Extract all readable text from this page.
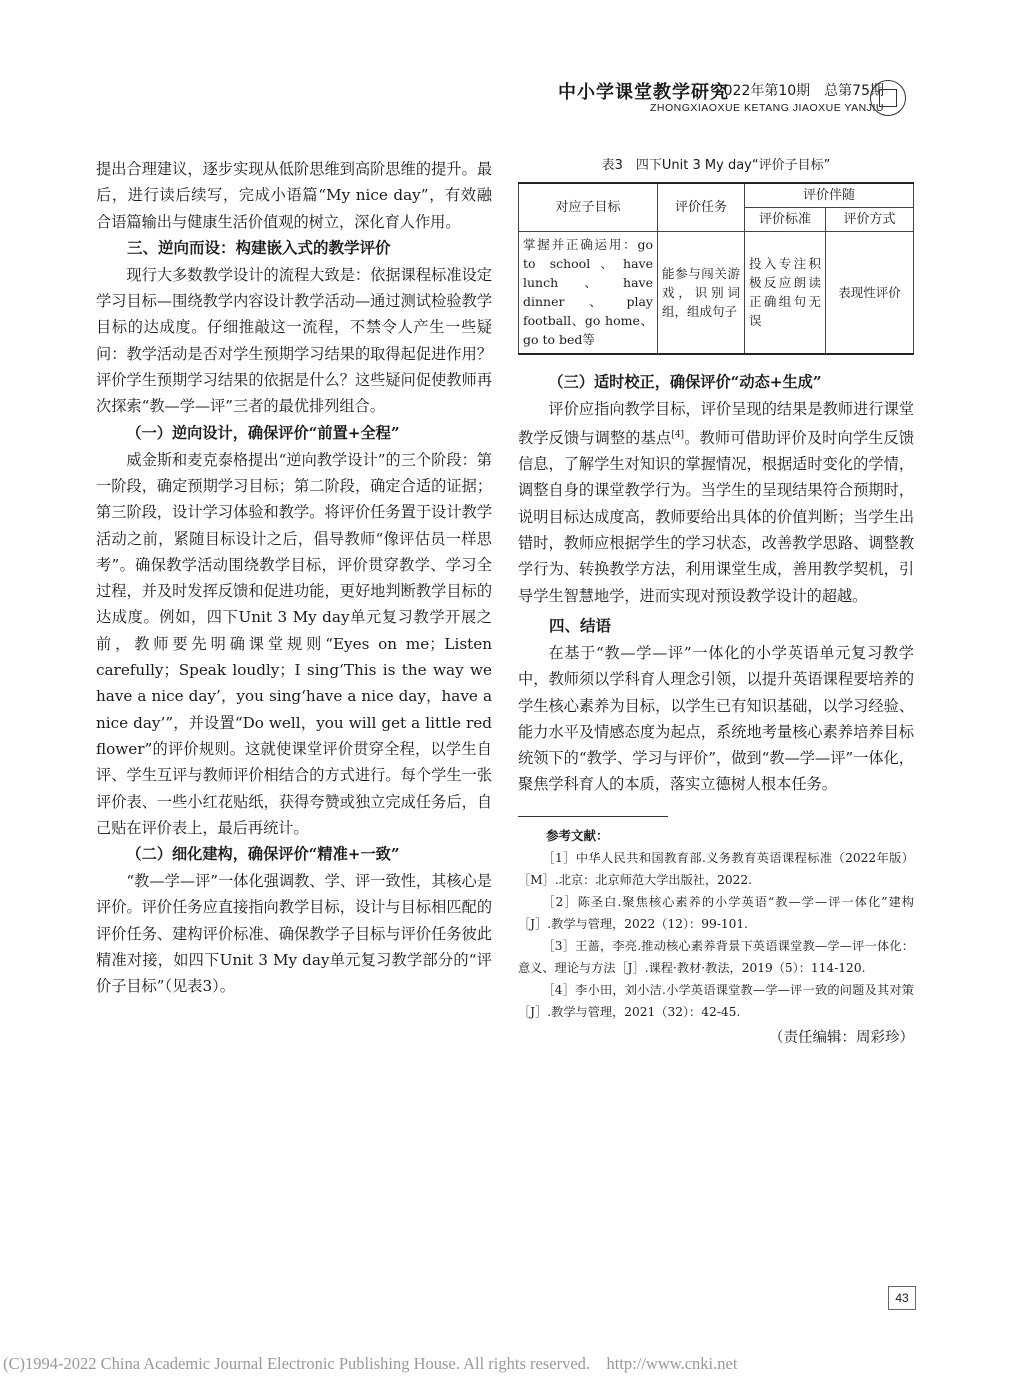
中小学课堂教学研究
2022年第10期　总第75期
ZHONGXIAOXUE KETANG JIAOXUE YANJIU

提出合理建议，逐步实现从低阶思维到高阶思维的提升。最后，进行读后续写，完成小语篇“My nice day”，有效融合语篇输出与健康生活价值观的树立，深化育人作用。

三、逆向而设：构建嵌入式的教学评价

现行大多数教学设计的流程大致是：依据课程标准设定学习目标—围绕教学内容设计教学活动—通过测试检验教学目标的达成度。仔细推敲这一流程，不禁令人产生一些疑问：教学活动是否对学生预期学习结果的取得起促进作用？评价学生预期学习结果的依据是什么？这些疑问促使教师再次探索“教—学—评”三者的最优排列组合。

（一）逆向设计，确保评价“前置+全程”

威金斯和麦克泰格提出“逆向教学设计”的三个阶段：第一阶段，确定预期学习目标；第二阶段，确定合适的证据；第三阶段，设计学习体验和教学。将评价任务置于设计教学活动之前，紧随目标设计之后，倡导教师“像评估员一样思考”。确保教学活动围绕教学目标，评价贯穿教学、学习全过程，并及时发挥反馈和促进功能，更好地判断教学目标的达成度。例如，四下Unit 3 My day单元复习教学开展之前，教师要先明确课堂规则“Eyes on me；Listen carefully；Speak loudly；I sing‘This is the way we have a nice day’，you sing‘have a nice day，have a nice day’”，并设置“Do well，you will get a little red flower”的评价规则。这就使课堂评价贯穿全程，以学生自评、学生互评与教师评价相结合的方式进行。每个学生一张评价表、一些小红花贴纸，获得夸赞或独立完成任务后，自己贴在评价表上，最后再统计。

（二）细化建构，确保评价“精准+一致”

“教—学—评”一体化强调教、学、评一致性，其核心是评价。评价任务应直接指向教学目标，设计与目标相匹配的评价任务、建构评价标准、确保教学子目标与评价任务彼此精准对接，如四下Unit 3 My day单元复习教学部分的“评价子目标”（见表3）。

表3　四下Unit 3 My day“评价子目标”
对应子目标	评价任务	评价伴随	
		评价标准	评价方式
掌握并正确运用：go to school、have lunch、have dinner、play football、go home、go to bed等	能参与闯关游戏，识别词组，组成句子	投入专注积极反应朗读正确组句无误	表现性评价
（三）适时校正，确保评价“动态+生成”

评价应指向教学目标，评价呈现的结果是教师进行课堂教学反馈与调整的基点[4]。教师可借助评价及时向学生反馈信息，了解学生对知识的掌握情况，根据适时变化的学情，调整自身的课堂教学行为。当学生的呈现结果符合预期时，说明目标达成度高，教师要给出具体的价值判断；当学生出错时，教师应根据学生的学习状态，改善教学思路、调整教学行为、转换教学方法，利用课堂生成，善用教学契机，引导学生智慧地学，进而实现对预设教学设计的超越。

四、结语

在基于“教—学—评”一体化的小学英语单元复习教学中，教师须以学科育人理念引领，以提升英语课程要培养的学生核心素养为目标，以学生已有知识基础，以学习经验、能力水平及情感态度为起点，系统地考量核心素养培养目标统领下的“教学、学习与评价”，做到“教—学—评”一体化，聚焦学科育人的本质，落实立德树人根本任务。

参考文献：

［1］中华人民共和国教育部.义务教育英语课程标准（2022年版）［M］.北京：北京师范大学出版社，2022.

［2］陈圣白.聚焦核心素养的小学英语“教—学—评一体化”建构［J］.教学与管理，2022（12）：99-101.

［3］王蔷，李亮.推动核心素养背景下英语课堂教—学—评一体化：意义、理论与方法［J］.课程·教材·教法，2019（5）：114-120.

［4］李小田，刘小洁.小学英语课堂教—学—评一致的问题及其对策［J］.教学与管理，2021（32）：42-45.

（责任编辑：周彩珍）
43
(C)1994-2022 China Academic Journal Electronic Publishing House. All rights reserved.　http://www.cnki.net
